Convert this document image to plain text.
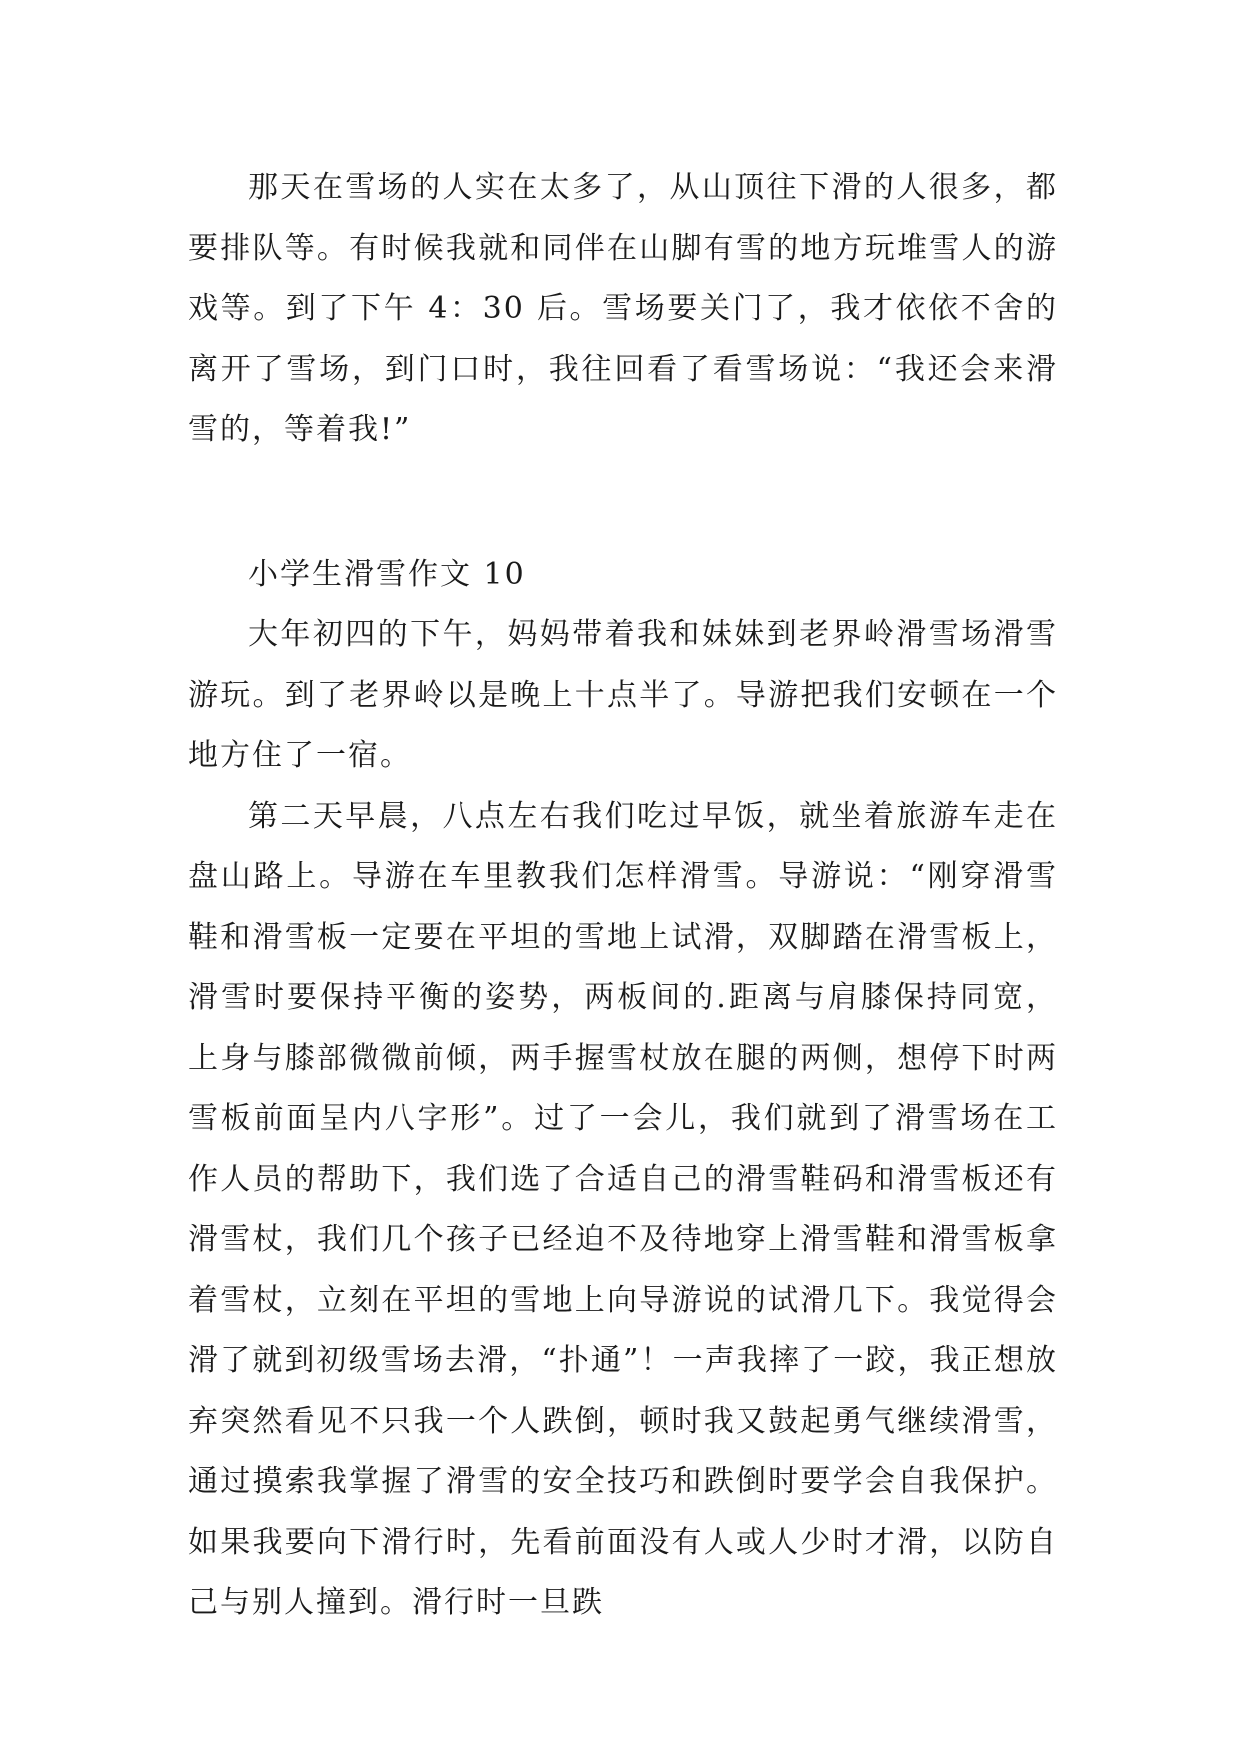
那天在雪场的人实在太多了，从山顶往下滑的人很多，都要排队等。有时候我就和同伴在山脚有雪的地方玩堆雪人的游戏等。到了下午 4：30 后。雪场要关门了，我才依依不舍的离开了雪场，到门口时，我往回看了看雪场说：“我还会来滑雪的，等着我!”

小学生滑雪作文 10

大年初四的下午，妈妈带着我和妹妹到老界岭滑雪场滑雪游玩。到了老界岭以是晚上十点半了。导游把我们安顿在一个地方住了一宿。

第二天早晨，八点左右我们吃过早饭，就坐着旅游车走在盘山路上。导游在车里教我们怎样滑雪。导游说：“刚穿滑雪鞋和滑雪板一定要在平坦的雪地上试滑，双脚踏在滑雪板上，滑雪时要保持平衡的姿势，两板间的.距离与肩膝保持同宽，上身与膝部微微前倾，两手握雪杖放在腿的两侧，想停下时两雪板前面呈内八字形”。过了一会儿，我们就到了滑雪场在工作人员的帮助下，我们选了合适自己的滑雪鞋码和滑雪板还有滑雪杖，我们几个孩子已经迫不及待地穿上滑雪鞋和滑雪板拿着雪杖，立刻在平坦的雪地上向导游说的试滑几下。我觉得会滑了就到初级雪场去滑，“扑通”！一声我摔了一跤，我正想放弃突然看见不只我一个人跌倒，顿时我又鼓起勇气继续滑雪，通过摸索我掌握了滑雪的安全技巧和跌倒时要学会自我保护。如果我要向下滑行时，先看前面没有人或人少时才滑，以防自己与别人撞到。滑行时一旦跌
